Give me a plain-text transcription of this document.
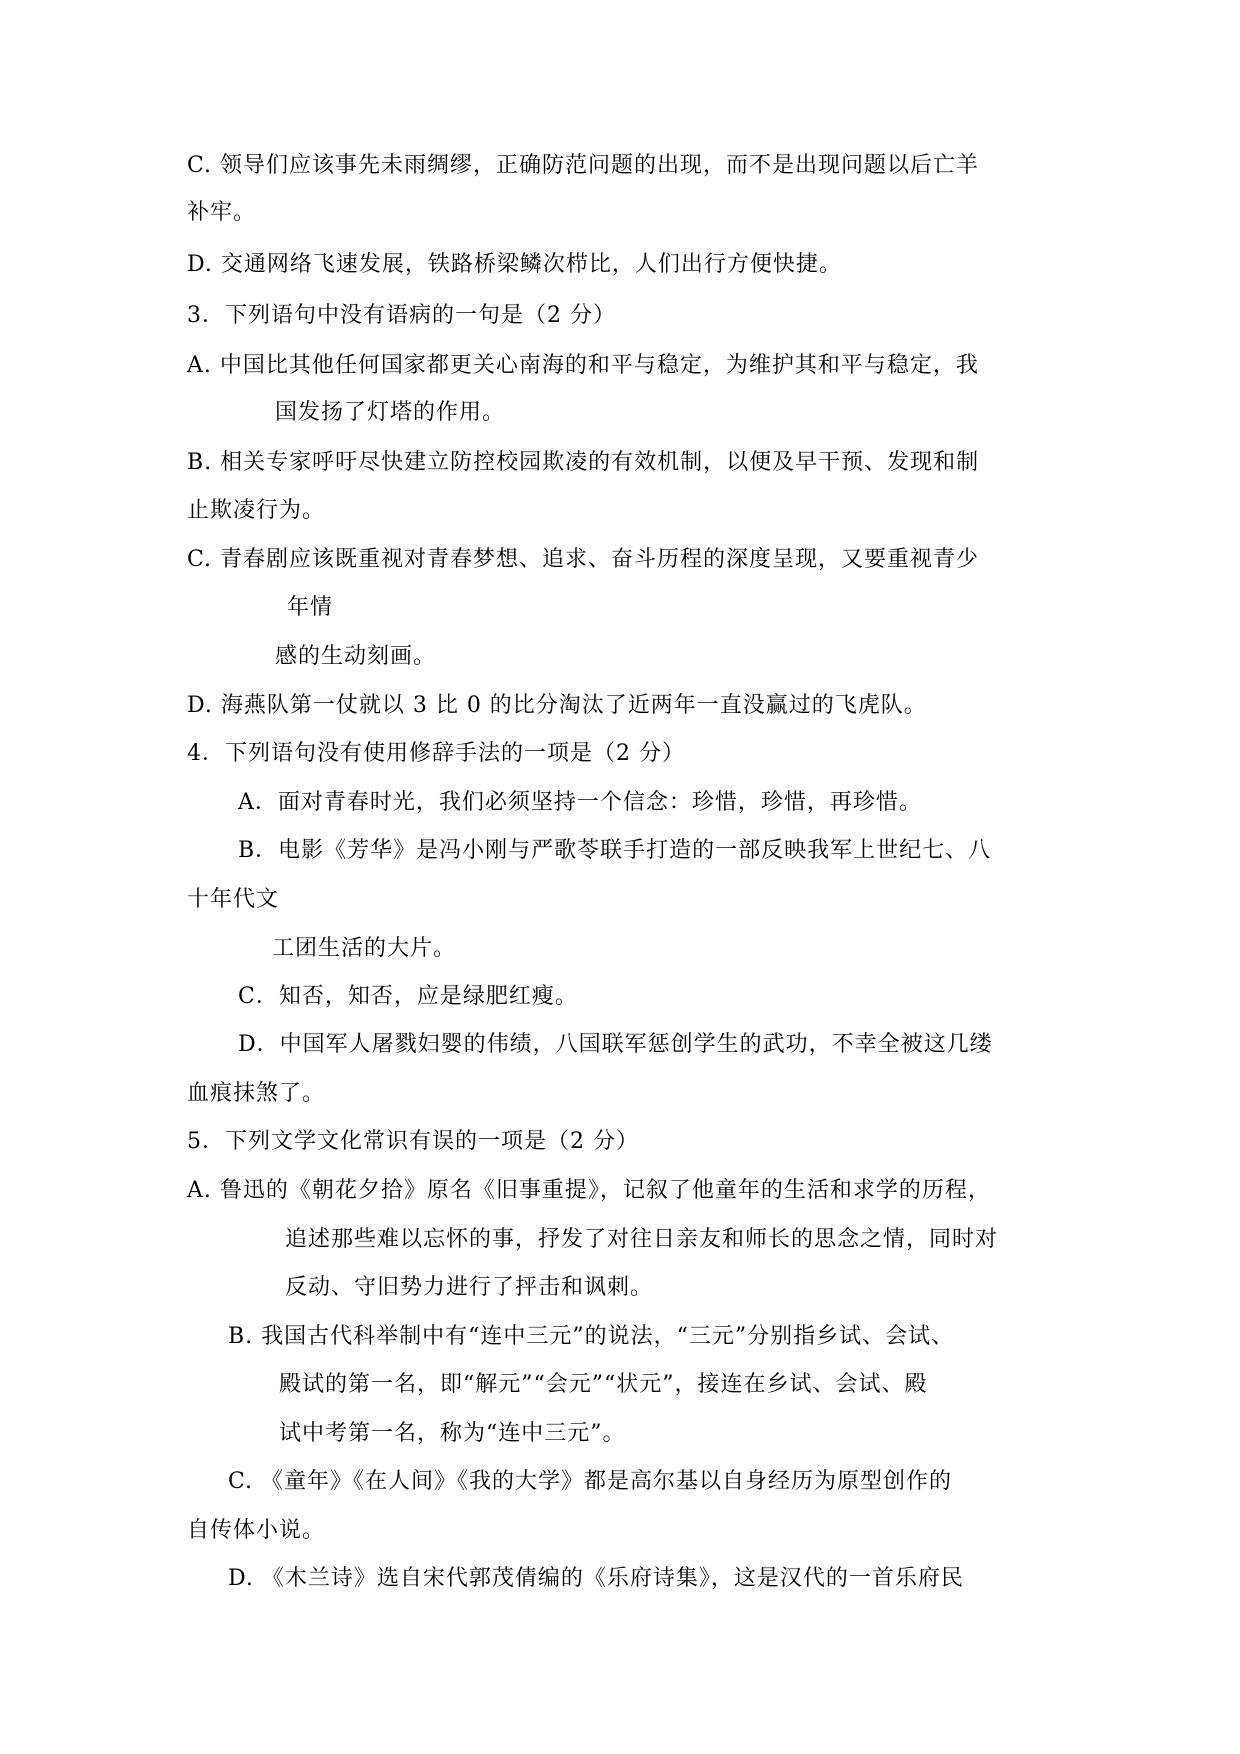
C. 领导们应该事先未雨绸缪，正确防范问题的出现，而不是出现问题以后亡羊
补牢。
D. 交通网络飞速发展，铁路桥梁鳞次栉比，人们出行方便快捷。
3．下列语句中没有语病的一句是（2 分）
A. 中国比其他任何国家都更关心南海的和平与稳定，为维护其和平与稳定，我
国发扬了灯塔的作用。
B. 相关专家呼吁尽快建立防控校园欺凌的有效机制，以便及早干预、发现和制
止欺凌行为。
C. 青春剧应该既重视对青春梦想、追求、奋斗历程的深度呈现，又要重视青少
年情
感的生动刻画。
D. 海燕队第一仗就以 3 比 0 的比分淘汰了近两年一直没赢过的飞虎队。
4．下列语句没有使用修辞手法的一项是（2 分）
A．面对青春时光，我们必须坚持一个信念：珍惜，珍惜，再珍惜。
B．电影《芳华》是冯小刚与严歌苓联手打造的一部反映我军上世纪七、八
十年代文
工团生活的大片。
C．知否，知否，应是绿肥红瘦。
D．中国军人屠戮妇婴的伟绩，八国联军惩创学生的武功，不幸全被这几缕
血痕抹煞了。
5．下列文学文化常识有误的一项是（2 分）
A. 鲁迅的《朝花夕拾》原名《旧事重提》，记叙了他童年的生活和求学的历程，
追述那些难以忘怀的事，抒发了对往日亲友和师长的思念之情，同时对
反动、守旧势力进行了抨击和讽刺。
B. 我国古代科举制中有“连中三元”的说法，“三元”分别指乡试、会试、
殿试的第一名，即“解元”“会元”“状元”，接连在乡试、会试、殿
试中考第一名，称为“连中三元”。
C. 《童年》《在人间》《我的大学》都是高尔基以自身经历为原型创作的
自传体小说。
D. 《木兰诗》选自宋代郭茂倩编的《乐府诗集》，这是汉代的一首乐府民
